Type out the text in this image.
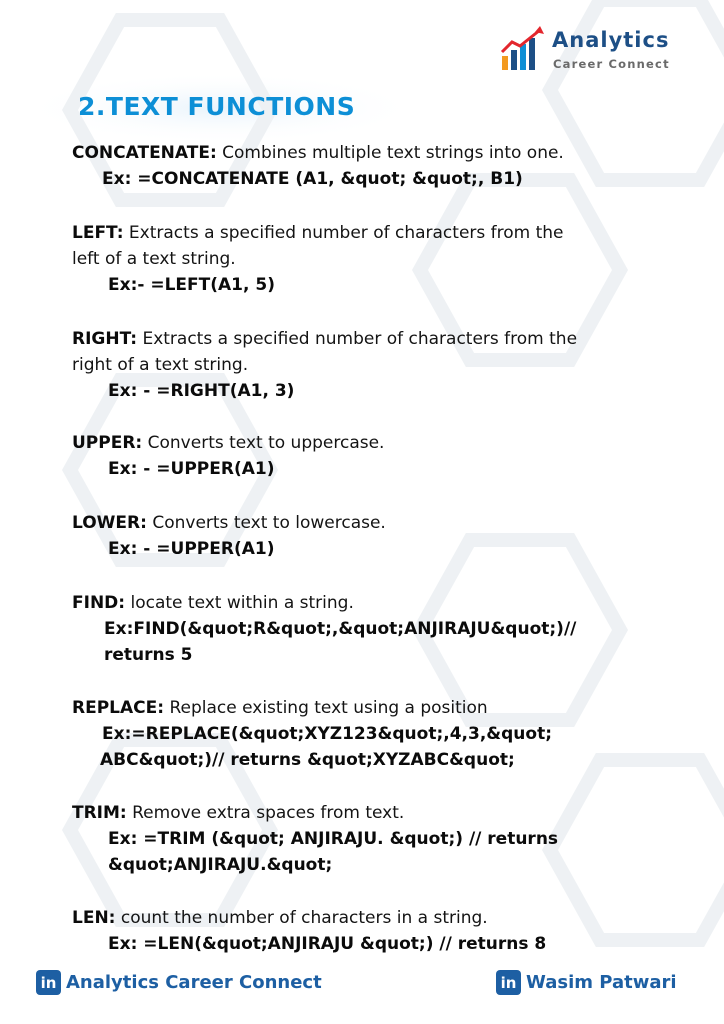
Analytics
Career Connect
2.TEXT FUNCTIONS
CONCATENATE: Combines multiple text strings into one.
Ex: =CONCATENATE (A1, &quot; &quot;, B1)
LEFT: Extracts a specified number of characters from the
left of a text string.
Ex:- =LEFT(A1, 5)
RIGHT: Extracts a specified number of characters from the
right of a text string.
Ex: - =RIGHT(A1, 3)
UPPER: Converts text to uppercase.
Ex: - =UPPER(A1)
LOWER: Converts text to lowercase.
Ex: - =UPPER(A1)
FIND: locate text within a string.
Ex:FIND(&quot;R&quot;,&quot;ANJIRAJU&quot;)//
returns 5
REPLACE: Replace existing text using a position
Ex:=REPLACE(&quot;XYZ123&quot;,4,3,&quot;
ABC&quot;)// returns &quot;XYZABC&quot;
TRIM: Remove extra spaces from text.
Ex: =TRIM (&quot; ANJIRAJU. &quot;) // returns
&quot;ANJIRAJU.&quot;
LEN: count the number of characters in a string.
Ex: =LEN(&quot;ANJIRAJU &quot;) // returns 8
in Analytics Career Connect	in Wasim Patwari
